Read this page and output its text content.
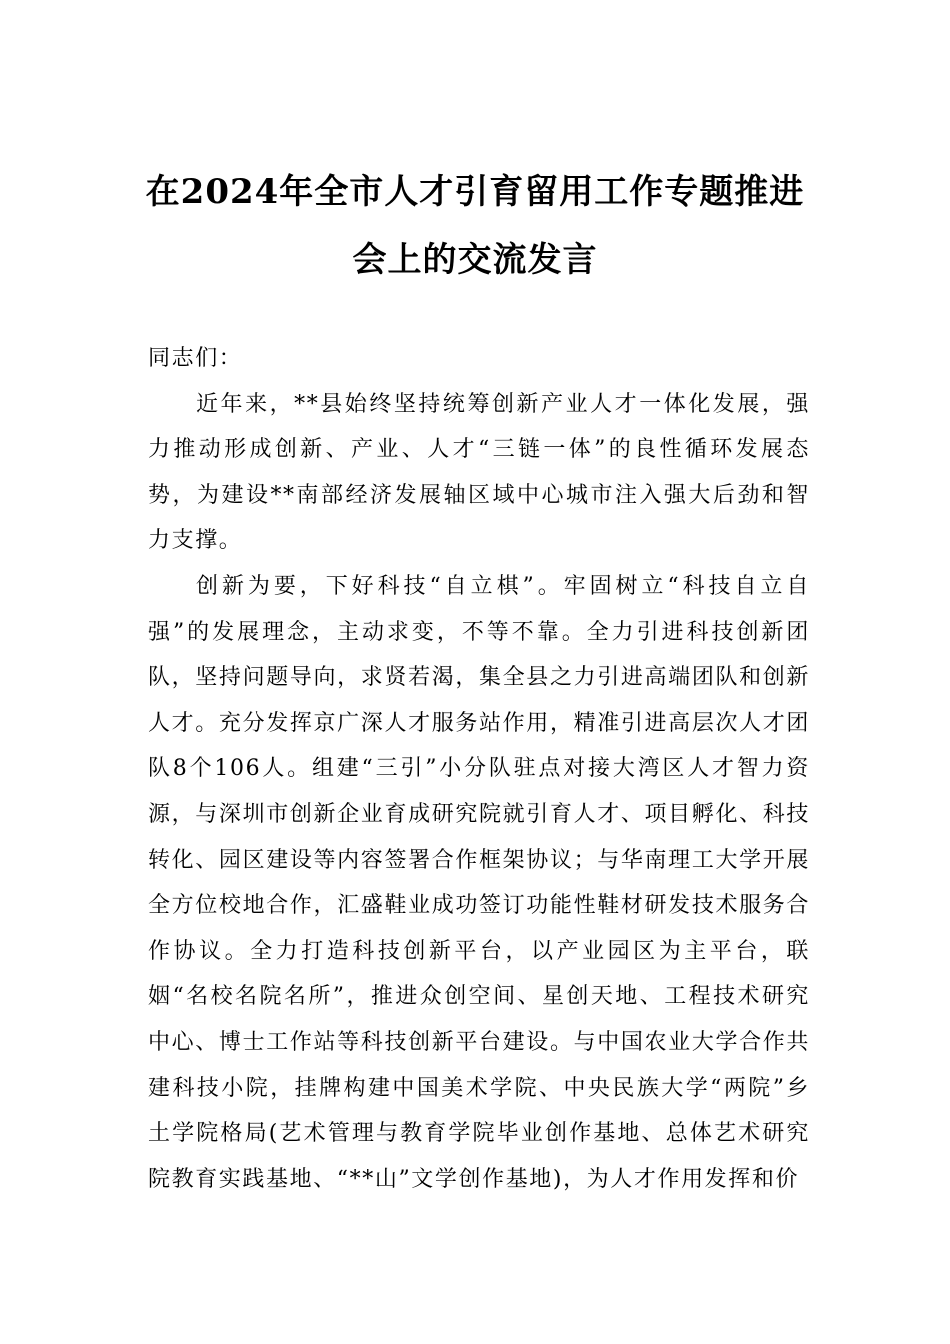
在2024年全市人才引育留用工作专题推进
会上的交流发言

同志们：

近年来，**县始终坚持统筹创新产业人才一体化发展，强力推动形成创新、产业、人才“三链一体”的良性循环发展态势，为建设**南部经济发展轴区域中心城市注入强大后劲和智力支撑。

创新为要，下好科技“自立棋”。牢固树立“科技自立自强”的发展理念，主动求变，不等不靠。全力引进科技创新团队，坚持问题导向，求贤若渴，集全县之力引进高端团队和创新人才。充分发挥京广深人才服务站作用，精准引进高层次人才团队8个106人。组建“三引”小分队驻点对接大湾区人才智力资源，与深圳市创新企业育成研究院就引育人才、项目孵化、科技转化、园区建设等内容签署合作框架协议；与华南理工大学开展全方位校地合作，汇盛鞋业成功签订功能性鞋材研发技术服务合作协议。全力打造科技创新平台，以产业园区为主平台，联姻“名校名院名所”，推进众创空间、星创天地、工程技术研究中心、博士工作站等科技创新平台建设。与中国农业大学合作共建科技小院，挂牌构建中国美术学院、中央民族大学“两院”乡土学院格局(艺术管理与教育学院毕业创作基地、总体艺术研究院教育实践基地、“**山”文学创作基地)，为人才作用发挥和价
